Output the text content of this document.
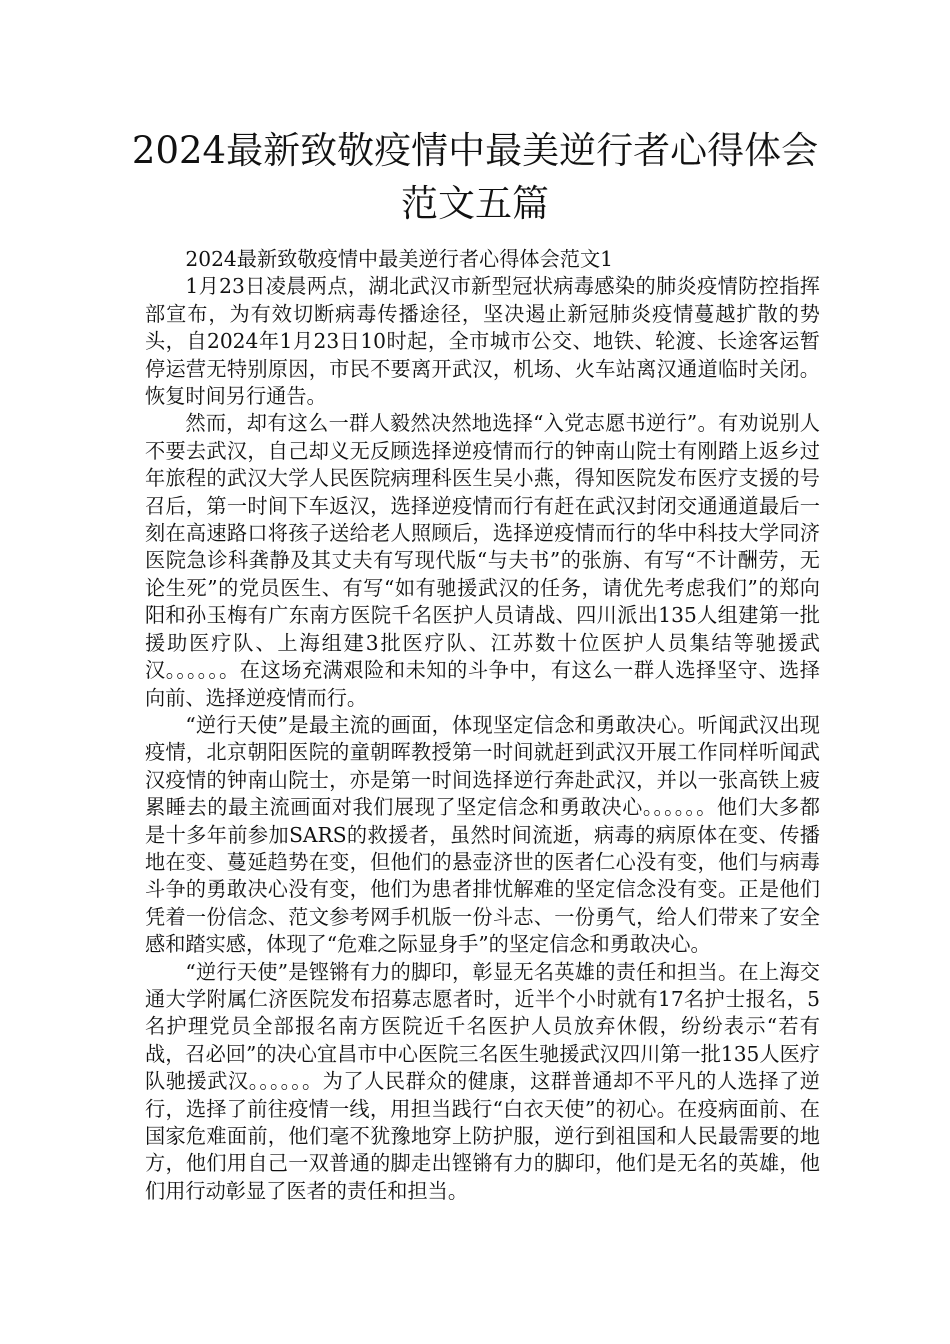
2024最新致敬疫情中最美逆行者心得体会范文五篇

2024最新致敬疫情中最美逆行者心得体会范文1

1月23日凌晨两点，湖北武汉市新型冠状病毒感染的肺炎疫情防控指挥部宣布，为有效切断病毒传播途径，坚决遏止新冠肺炎疫情蔓越扩散的势头，自2024年1月23日10时起，全市城市公交、地铁、轮渡、长途客运暂停运营无特别原因，市民不要离开武汉，机场、火车站离汉通道临时关闭。恢复时间另行通告。

然而，却有这么一群人毅然决然地选择“入党志愿书逆行”。有劝说别人不要去武汉，自己却义无反顾选择逆疫情而行的钟南山院士有刚踏上返乡过年旅程的武汉大学人民医院病理科医生吴小燕，得知医院发布医疗支援的号召后，第一时间下车返汉，选择逆疫情而行有赶在武汉封闭交通通道最后一刻在高速路口将孩子送给老人照顾后，选择逆疫情而行的华中科技大学同济医院急诊科龚静及其丈夫有写现代版“与夫书”的张旃、有写“不计酬劳，无论生死”的党员医生、有写“如有驰援武汉的任务，请优先考虑我们”的郑向阳和孙玉梅有广东南方医院千名医护人员请战、四川派出135人组建第一批援助医疗队、上海组建3批医疗队、江苏数十位医护人员集结等驰援武汉。。。。。。在这场充满艰险和未知的斗争中，有这么一群人选择坚守、选择向前、选择逆疫情而行。

“逆行天使”是最主流的画面，体现坚定信念和勇敢决心。听闻武汉出现疫情，北京朝阳医院的童朝晖教授第一时间就赶到武汉开展工作同样听闻武汉疫情的钟南山院士，亦是第一时间选择逆行奔赴武汉，并以一张高铁上疲累睡去的最主流画面对我们展现了坚定信念和勇敢决心。。。。。。他们大多都是十多年前参加SARS的救援者，虽然时间流逝，病毒的病原体在变、传播地在变、蔓延趋势在变，但他们的悬壶济世的医者仁心没有变，他们与病毒斗争的勇敢决心没有变，他们为患者排忧解难的坚定信念没有变。正是他们凭着一份信念、范文参考网手机版一份斗志、一份勇气，给人们带来了安全感和踏实感，体现了“危难之际显身手”的坚定信念和勇敢决心。

“逆行天使”是铿锵有力的脚印，彰显无名英雄的责任和担当。在上海交通大学附属仁济医院发布招募志愿者时，近半个小时就有17名护士报名，5名护理党员全部报名南方医院近千名医护人员放弃休假，纷纷表示“若有战，召必回”的决心宜昌市中心医院三名医生驰援武汉四川第一批135人医疗队驰援武汉。。。。。。为了人民群众的健康，这群普通却不平凡的人选择了逆行，选择了前往疫情一线，用担当践行“白衣天使”的初心。在疫病面前、在国家危难面前，他们毫不犹豫地穿上防护服，逆行到祖国和人民最需要的地方，他们用自己一双普通的脚走出铿锵有力的脚印，他们是无名的英雄，他们用行动彰显了医者的责任和担当。
